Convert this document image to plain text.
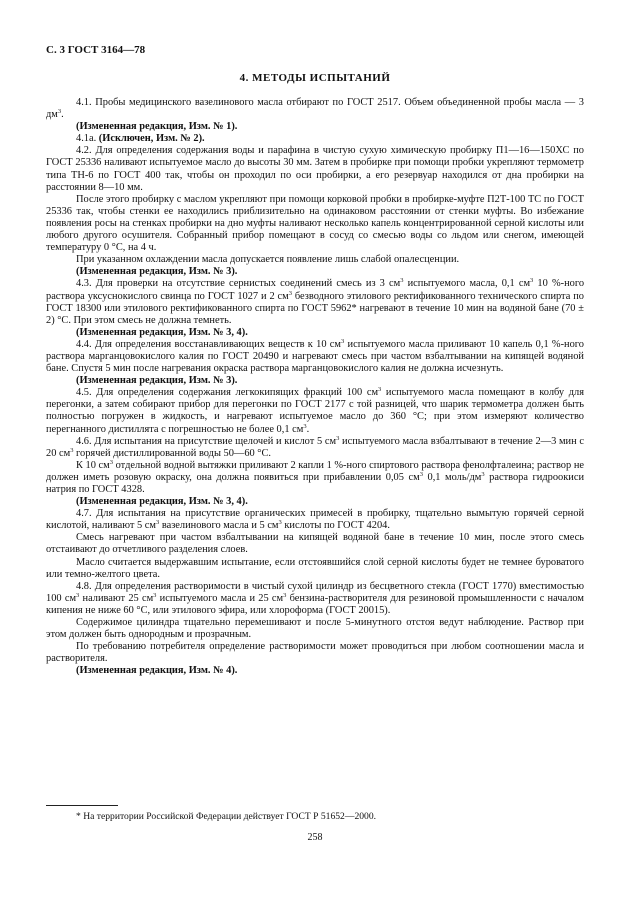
С. 3 ГОСТ 3164—78
4. МЕТОДЫ ИСПЫТАНИЙ

4.1. Пробы медицинского вазелинового масла отбирают по ГОСТ 2517. Объем объединенной пробы масла — 3 $дм^3$.

(Измененная редакция, Изм. № 1).

4.1а. (Исключен, Изм. № 2).

4.2. Для определения содержания воды и парафина в чистую сухую химическую пробирку П1—16—150ХС по ГОСТ 25336 наливают испытуемое масло до высоты 30 мм. Затем в пробирке при помощи пробки укрепляют термометр типа ТН-6 по ГОСТ 400 так, чтобы он проходил по оси пробирки, а его резервуар находился от дна пробирки на расстоянии 8—10 мм.

После этого пробирку с маслом укрепляют при помощи корковой пробки в пробирке-муфте П2Т-100 ТС по ГОСТ 25336 так, чтобы стенки ее находились приблизительно на одинаковом расстоянии от стенки муфты. Во избежание появления росы на стенках пробирки на дно муфты наливают несколько капель концентрированной серной кислоты или любого другого осушителя. Собранный прибор помещают в сосуд со смесью воды со льдом или снегом, имеющей температуру 0 °С, на 4 ч.

При указанном охлаждении масла допускается появление лишь слабой опалесценции.

(Измененная редакция, Изм. № 3).

4.3. Для проверки на отсутствие сернистых соединений смесь из 3 $см^3$ испытуемого масла, 0,1 $см^3$ 10 %-ного раствора уксуснокислого свинца по ГОСТ 1027 и 2 $см^3$ безводного этилового ректификованного технического спирта по ГОСТ 18300 или этилового ректификованного спирта по ГОСТ 5962* нагревают в течение 10 мин на водяной бане (70 ± 2) °С. При этом смесь не должна темнеть.

(Измененная редакция, Изм. № 3, 4).

4.4. Для определения восстанавливающих веществ к 10 $см^3$ испытуемого масла приливают 10 капель 0,1 %-ного раствора марганцовокислого калия по ГОСТ 20490 и нагревают смесь при частом взбалтывании на кипящей водяной бане. Спустя 5 мин после нагревания окраска раствора марганцовокислого калия не должна исчезнуть.

(Измененная редакция, Изм. № 3).

4.5. Для определения содержания легкокипящих фракций 100 $см^3$ испытуемого масла помещают в колбу для перегонки, а затем собирают прибор для перегонки по ГОСТ 2177 с той разницей, что шарик термометра должен быть полностью погружен в жидкость, и нагревают испытуемое масло до 360 °С; при этом измеряют количество перегнанного дистиллята с погрешностью не более 0,1 $см^3$.

4.6. Для испытания на присутствие щелочей и кислот 5 $см^3$ испытуемого масла взбалтывают в течение 2—3 мин с 20 $см^3$ горячей дистиллированной воды 50—60 °С.

К 10 $см^3$ отдельной водной вытяжки приливают 2 капли 1 %-ного спиртового раствора фенолфталеина; раствор не должен иметь розовую окраску, она должна появиться при прибавлении 0,05 $см^3$ 0,1 моль/$дм^3$ раствора гидроокиси натрия по ГОСТ 4328.

(Измененная редакция, Изм. № 3, 4).

4.7. Для испытания на присутствие органических примесей в пробирку, тщательно вымытую горячей серной кислотой, наливают 5 $см^3$ вазелинового масла и 5 $см^3$ кислоты по ГОСТ 4204.

Смесь нагревают при частом взбалтывании на кипящей водяной бане в течение 10 мин, после этого смесь отстаивают до отчетливого разделения слоев.

Масло считается выдержавшим испытание, если отстоявшийся слой серной кислоты будет не темнее буроватого или темно-желтого цвета.

4.8. Для определения растворимости в чистый сухой цилиндр из бесцветного стекла (ГОСТ 1770) вместимостью 100 $см^3$ наливают 25 $см^3$ испытуемого масла и 25 $см^3$ бензина-растворителя для резиновой промышленности с началом кипения не ниже 60 °С, или этилового эфира, или хлороформа (ГОСТ 20015).

Содержимое цилиндра тщательно перемешивают и после 5-минутного отстоя ведут наблюдение. Раствор при этом должен быть однородным и прозрачным.

По требованию потребителя определение растворимости может проводиться при любом соотношении масла и растворителя.

(Измененная редакция, Изм. № 4).

* На территории Российской Федерации действует ГОСТ Р 51652—2000.
258
